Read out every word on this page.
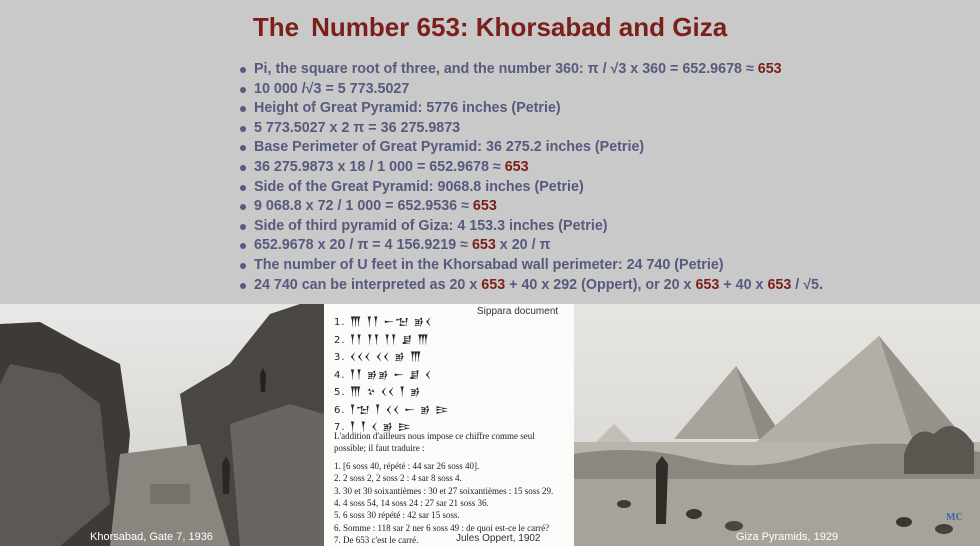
The Number 653: Khorsabad and Giza
Pi, the square root of three, and the number 360: π / √3 x 360 = 652.9678 ≈ 653
10 000 /√3 = 5 773.5027
Height of Great Pyramid: 5776 inches (Petrie)
5 773.5027 x 2 π = 36 275.9873
Base Perimeter of Great Pyramid: 36 275.2 inches (Petrie)
36 275.9873 x 18 / 1 000 = 652.9678 ≈ 653
Side of the Great Pyramid: 9068.8 inches (Petrie)
9 068.8 x 72 / 1 000 = 652.9536 ≈ 653
Side of third pyramid of Giza: 4 153.3 inches (Petrie)
652.9678 x 20 / π = 4 156.9219 ≈ 653 x 20 / π
The number of U feet in the Khorsabad wall perimeter: 24 740 (Petrie)
24 740 can be interpreted as 20 x 653 + 40 x 292 (Oppert), or 20 x 653 + 40 x 653 / √5.
Khorsabad, Gate 7, 1936
1. 𒐗 𒐕𒐕 𒀸𒈠 𒂊𒌋
2. 𒐕𒐕 𒐕𒐕 𒐕𒐕 𒋗 𒐗
3. 𒌋𒌋𒌋 𒌋𒌋 𒂊 𒐗
4. 𒐕𒐕 𒂊𒂊 𒀸 𒋗 𒌋
5. 𒐗 𒆳 𒌋𒌋 𒐕 𒂊
6. 𒐕𒈠 𒐕 𒌋𒌋 𒀸 𒂊 𒄿
7. 𒐕 𒐕 𒌋 𒂊 𒄿
Sippara document
L'addition d'ailleurs nous impose ce chiffre comme seul
possible; il faut traduire :
1. [6 soss 40, répété : 44 sar 26 soss 40].
2. 2 soss 2, 2 soss 2 : 4 sar 8 soss 4.
3. 30 et 30 soixantièmes : 30 et 27 soixantièmes : 15 soss 29.
4. 4 soss 54, 14 soss 24 : 27 sar 21 soss 36.
5. 6 soss 30 répété : 42 sar 15 soss.
6. Somme : 118 sar 2 ner 6 soss 49 : de quoi est-ce le carré?
7. De 653 c'est le carré.	Jules Oppert, 1902	Giza Pyramids, 1929
MC
